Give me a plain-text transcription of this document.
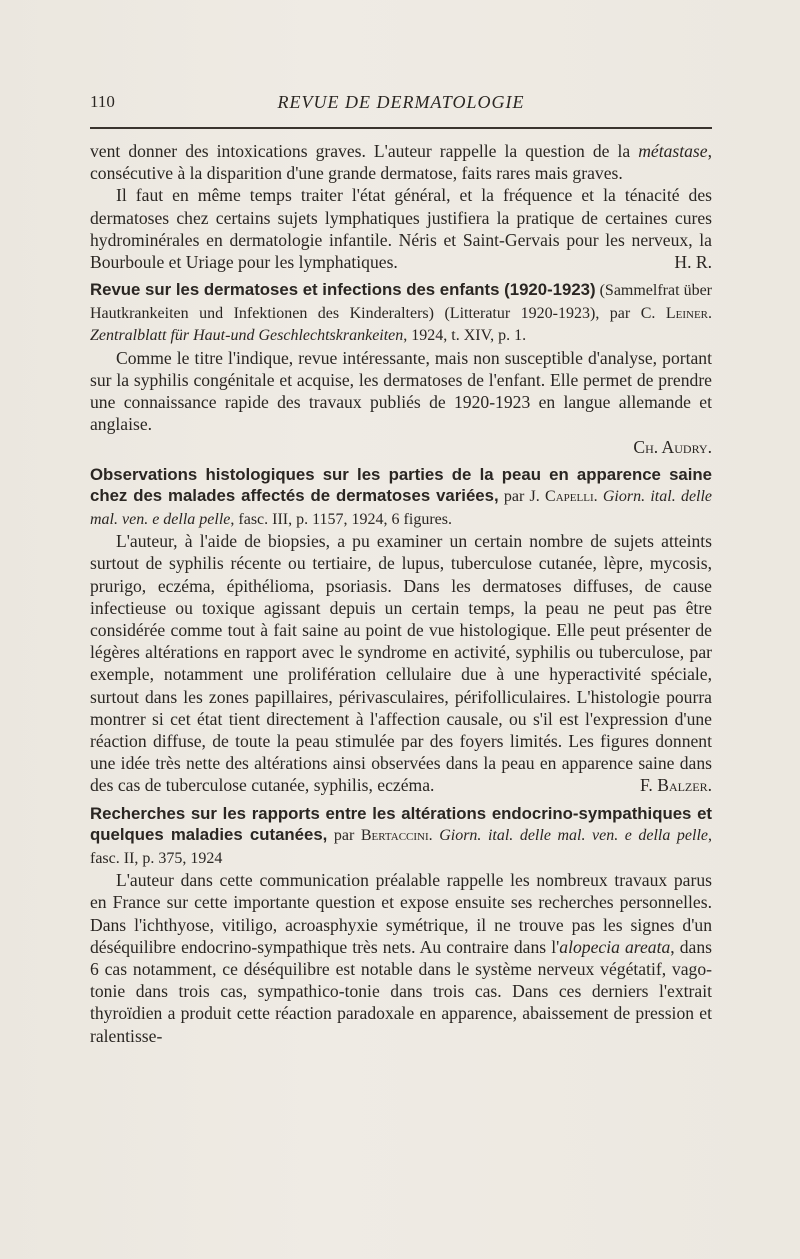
110	REVUE DE DERMATOLOGIE

vent donner des intoxications graves. L'auteur rappelle la question de la métastase, consécutive à la disparition d'une grande dermatose, faits rares mais graves.

Il faut en même temps traiter l'état général, et la fréquence et la ténacité des dermatoses chez certains sujets lymphatiques justifiera la pratique de certaines cures hydrominérales en dermatologie infantile. Néris et Saint-Gervais pour les nerveux, la Bourboule et Uriage pour les lymphatiques.	H. R.

Revue sur les dermatoses et infections des enfants (1920-1923) (Sammelfrat über Hautkrankeiten und Infektionen des Kinderalters) (Litteratur 1920-1923), par C. Leiner. Zentralblatt für Haut-und Geschlechtskrankeiten, 1924, t. XIV, p. 1.

Comme le titre l'indique, revue intéressante, mais non susceptible d'analyse, portant sur la syphilis congénitale et acquise, les dermatoses de l'enfant. Elle permet de prendre une connaissance rapide des travaux publiés de 1920-1923 en langue allemande et anglaise.

Ch. Audry.

Observations histologiques sur les parties de la peau en apparence saine chez des malades affectés de dermatoses variées, par J. Capelli. Giorn. ital. delle mal. ven. e della pelle, fasc. III, p. 1157, 1924, 6 figures.

L'auteur, à l'aide de biopsies, a pu examiner un certain nombre de sujets atteints surtout de syphilis récente ou tertiaire, de lupus, tuberculose cutanée, lèpre, mycosis, prurigo, eczéma, épithélioma, psoriasis. Dans les dermatoses diffuses, de cause infectieuse ou toxique agissant depuis un certain temps, la peau ne peut pas être considérée comme tout à fait saine au point de vue histologique. Elle peut présenter de légères altérations en rapport avec le syndrome en activité, syphilis ou tuberculose, par exemple, notamment une prolifération cellulaire due à une hyperactivité spéciale, surtout dans les zones papillaires, périvasculaires, périfolliculaires. L'histologie pourra montrer si cet état tient directement à l'affection causale, ou s'il est l'expression d'une réaction diffuse, de toute la peau stimulée par des foyers limités. Les figures donnent une idée très nette des altérations ainsi observées dans la peau en apparence saine dans des cas de tuberculose cutanée, syphilis, eczéma.	F. Balzer.

Recherches sur les rapports entre les altérations endocrino-sympathiques et quelques maladies cutanées, par Bertaccini. Giorn. ital. delle mal. ven. e della pelle, fasc. II, p. 375, 1924

L'auteur dans cette communication préalable rappelle les nombreux travaux parus en France sur cette importante question et expose ensuite ses recherches personnelles. Dans l'ichthyose, vitiligo, acroasphyxie symétrique, il ne trouve pas les signes d'un déséquilibre endocrino-sympathique très nets. Au contraire dans l'alopecia areata, dans 6 cas notamment, ce déséquilibre est notable dans le système nerveux végétatif, vago-tonie dans trois cas, sympathico-tonie dans trois cas. Dans ces derniers l'extrait thyroïdien a produit cette réaction paradoxale en apparence, abaissement de pression et ralentisse-
